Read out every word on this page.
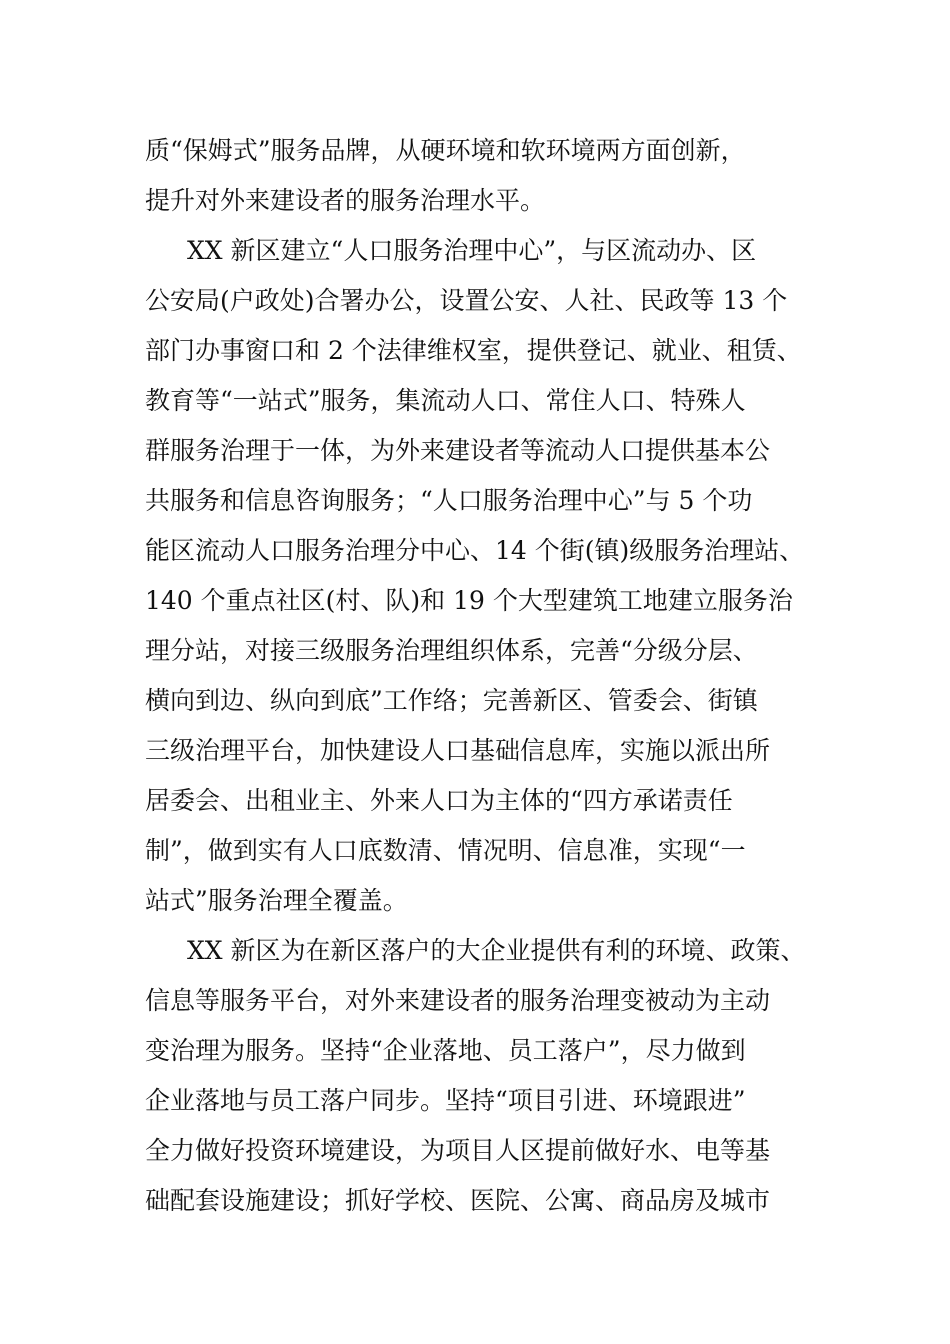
质“保姆式”服务品牌，从硬环境和软环境两方面创新，
提升对外来建设者的服务治理水平。
XX 新区建立“人口服务治理中心”，与区流动办、区
公安局(户政处)合署办公，设置公安、人社、民政等 13 个
部门办事窗口和 2 个法律维权室，提供登记、就业、租赁、
教育等“一站式”服务，集流动人口、常住人口、特殊人
群服务治理于一体，为外来建设者等流动人口提供基本公
共服务和信息咨询服务；“人口服务治理中心”与 5 个功
能区流动人口服务治理分中心、14 个街(镇)级服务治理站、
140 个重点社区(村、队)和 19 个大型建筑工地建立服务治
理分站，对接三级服务治理组织体系，完善“分级分层、
横向到边、纵向到底”工作络；完善新区、管委会、街镇
三级治理平台，加快建设人口基础信息库，实施以派出所
居委会、出租业主、外来人口为主体的“四方承诺责任
制”，做到实有人口底数清、情况明、信息准，实现“一
站式”服务治理全覆盖。
XX 新区为在新区落户的大企业提供有利的环境、政策、
信息等服务平台，对外来建设者的服务治理变被动为主动
变治理为服务。坚持“企业落地、员工落户”，尽力做到
企业落地与员工落户同步。坚持“项目引进、环境跟进”
全力做好投资环境建设，为项目人区提前做好水、电等基
础配套设施建设；抓好学校、医院、公寓、商品房及城市
